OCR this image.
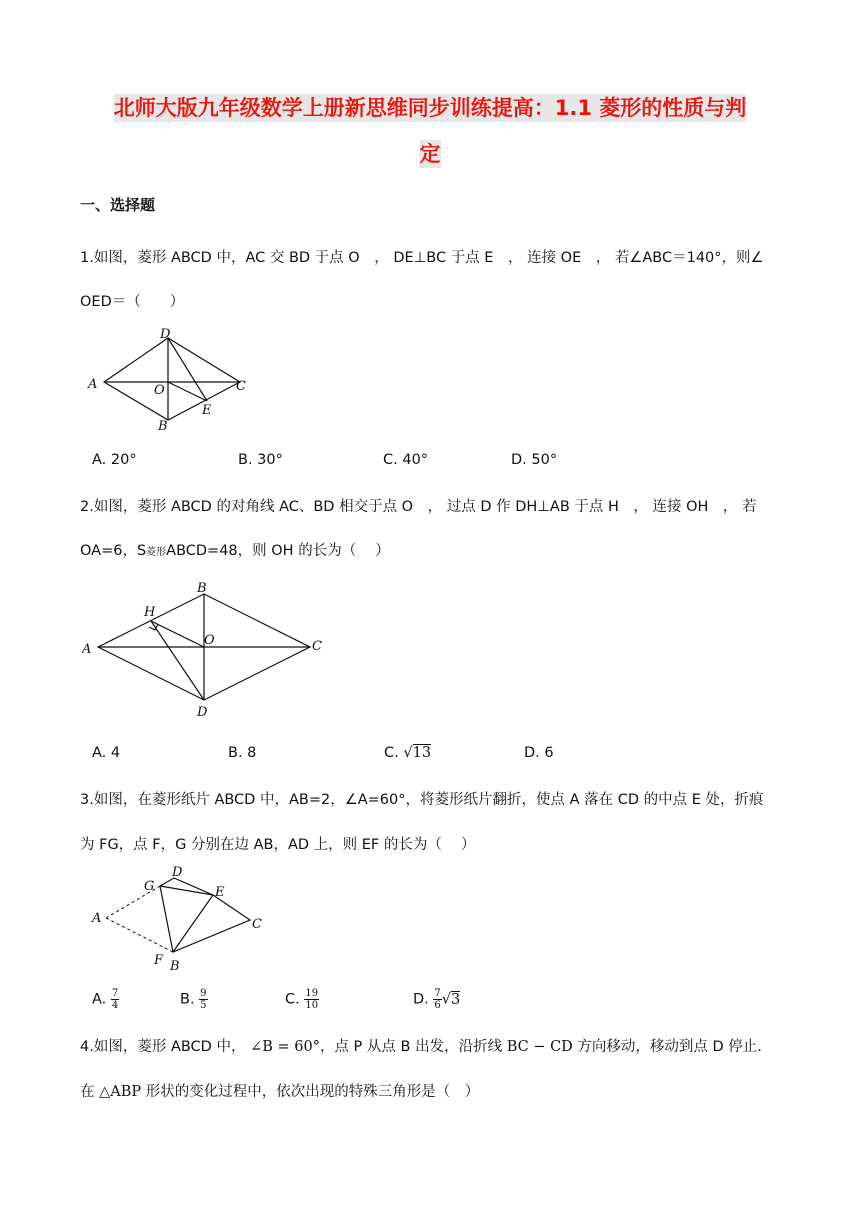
北师大版九年级数学上册新思维同步训练提高：1.1 菱形的性质与判
定
一、选择题
1.如图，菱形 ABCD 中，AC 交 BD 于点 O　， DE⊥BC 于点 E　， 连接 OE　， 若∠ABC＝140°，则∠
OED＝（　　）
A
D
C
B
O
E
A. 20°	B. 30°	C. 40°	D. 50°
2.如图，菱形 ABCD 的对角线 AC、BD 相交于点 O　， 过点 D 作 DH⊥AB 于点 H　， 连接 OH　， 若
OA=6，S菱形ABCD=48，则 OH 的长为（　 ）
A
B
C
D
O
H
A. 4	B. 8	C. √13	D. 6
3.如图，在菱形纸片 ABCD 中，AB=2，∠A=60°，将菱形纸片翻折，使点 A 落在 CD 的中点 E 处，折痕
为 FG，点 F，G 分别在边 AB，AD 上，则 EF 的长为（　 ）
A
G
D
E
C
F B
A. $\frac{7}{4}$	B. $\frac{9}{5}$	C. $\frac{19}{10}$	D. $\frac{7}{6} √3$
4.如图，菱形 ABCD 中， ∠B = 60°，点 P 从点 B 出发，沿折线 BC − CD 方向移动，移动到点 D 停止.
在 △ABP 形状的变化过程中，依次出现的特殊三角形是（　）
